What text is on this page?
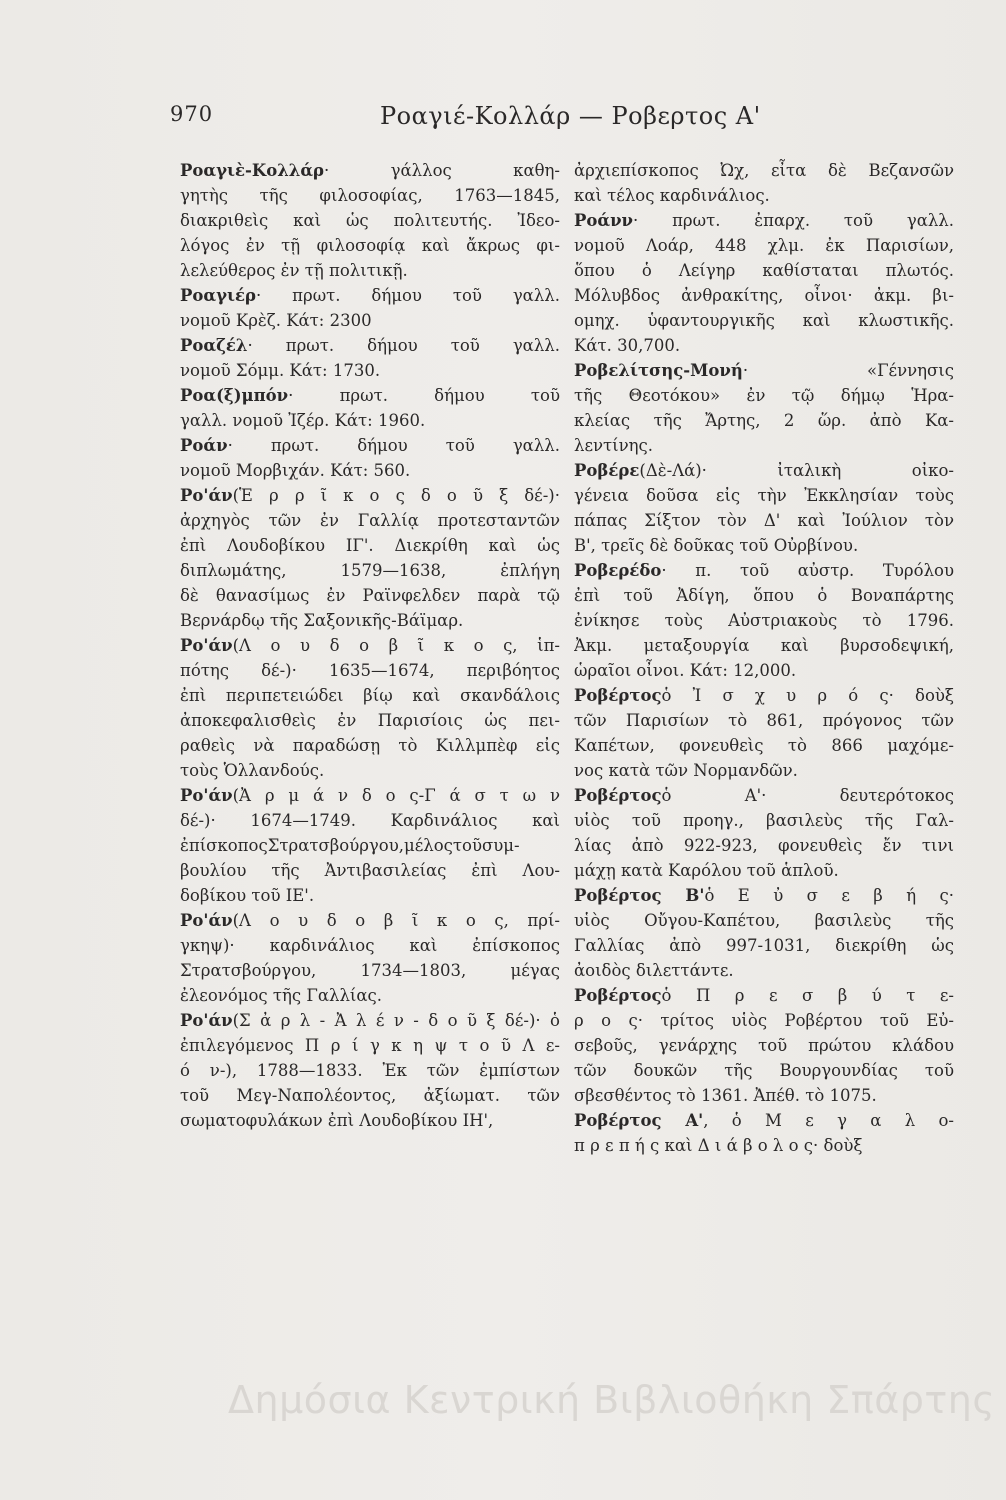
970	Ροαγιέ-Κολλάρ — Ροβερτος Α'
Ροαγιὲ-Κολλάρ· γάλλος καθη-
γητὴς τῆς φιλοσοφίας, 1763—1845,
διακριθεὶς καὶ ὡς πολιτευτής. Ἰδεο-
λόγος ἐν τῇ φιλοσοφίᾳ καὶ ἄκρως φι-
λελεύθερος ἐν τῇ πολιτικῇ.
Ροαγιέρ· πρωτ. δήμου τοῦ γαλλ.
νομοῦ Κρὲζ. Κάτ: 2300
Ροαζέλ· πρωτ. δήμου τοῦ γαλλ.
νομοῦ Σόμμ. Κάτ: 1730.
Ροα(ξ)μπόν· πρωτ. δήμου τοῦ
γαλλ. νομοῦ Ἰζέρ. Κάτ: 1960.
Ροάν· πρωτ. δήμου τοῦ γαλλ.
νομοῦ Μορβιχάν. Κάτ: 560.
Ρο'άν(Ἑ ρ ρ ῖ κ ο ς δ ο ῦ ξ δέ-)·
ἀρχηγὸς τῶν ἐν Γαλλίᾳ προτεσταντῶν
ἐπὶ Λουδοβίκου ΙΓ'. Διεκρίθη καὶ ὡς
διπλωμάτης, 1579—1638, ἐπλήγη
δὲ θανασίμως ἐν Ραϊνφελδεν παρὰ τῷ
Βερνάρδῳ τῆς Σαξονικῆς-Βάϊμαρ.
Ρο'άν(Λ ο υ δ ο β ῖ κ ο ς, ἱπ-
πότης δέ-)· 1635—1674, περιβόητος
ἐπὶ περιπετειώδει βίῳ καὶ σκανδάλοις
ἀποκεφαλισθεὶς ἐν Παρισίοις ὡς πει-
ραθεὶς νὰ παραδώσῃ τὸ Κιλλμπὲφ εἰς
τοὺς Ὁλλανδούς.
Ρο'άν(Ἀ ρ μ ά ν δ ο ς-Γ ά σ τ ω ν
δέ-)· 1674—1749. Καρδινάλιος καὶ
ἐπίσκοποςΣτρατσβούργου,μέλοςτοῦσυμ-
βουλίου τῆς Ἀντιβασιλείας ἐπὶ Λου-
δοβίκου τοῦ ΙΕ'.
Ρο'άν(Λ ο υ δ ο β ῖ κ ο ς, πρί-
γκηψ)· καρδινάλιος καὶ ἐπίσκοπος
Στρατσβούργου, 1734—1803, μέγας
ἐλεονόμος τῆς Γαλλίας.
Ρο'άν(Σ ἀ ρ λ - Ἀ λ έ ν - δ ο ῦ ξ δέ-)· ὁ
ἐπιλεγόμενος Π ρ ί γ κ η ψ τ ο ῦ Λ ε-
ό ν-), 1788—1833. Ἐκ τῶν ἐμπίστων
τοῦ Μεγ-Ναπολέοντος, ἀξίωματ. τῶν
σωματοφυλάκων ἐπὶ Λουδοβίκου ΙΗ',
ἀρχιεπίσκοπος Ὠχ, εἶτα δὲ Βεζανσῶν
καὶ τέλος καρδινάλιος.
Ροάνν· πρωτ. ἐπαρχ. τοῦ γαλλ.
νομοῦ Λοάρ, 448 χλμ. ἐκ Παρισίων,
ὅπου ὁ Λείγηρ καθίσταται πλωτός.
Μόλυβδος ἀνθρακίτης, οἶνοι· ἀκμ. βι-
ομηχ. ὑφαντουργικῆς καὶ κλωστικῆς.
Κάτ. 30,700.
Ροβελίτσης-Μονή· «Γέννησις
τῆς Θεοτόκου» ἐν τῷ δήμῳ Ἡρα-
κλείας τῆς Ἄρτης, 2 ὥρ. ἀπὸ Κα-
λεντίνης.
Ροβέρε(Δὲ-Λά)· ἰταλικὴ οἰκο-
γένεια δοῦσα εἰς τὴν Ἐκκλησίαν τοὺς
πάπας Σίξτον τὸν Δ' καὶ Ἰούλιον τὸν
Β', τρεῖς δὲ δοῦκας τοῦ Οὐρβίνου.
Ροβερέδο· π. τοῦ αὐστρ. Τυρόλου
ἐπὶ τοῦ Ἀδίγη, ὅπου ὁ Βοναπάρτης
ἐνίκησε τοὺς Αὐστριακοὺς τὸ 1796.
Ἀκμ. μεταξουργία καὶ βυρσοδεψική,
ὡραῖοι οἶνοι. Κάτ: 12,000.
Ροβέρτοςὁ Ἰ σ χ υ ρ ό ς· δοὺξ
τῶν Παρισίων τὸ 861, πρόγονος τῶν
Καπέτων, φονευθεὶς τὸ 866 μαχόμε-
νος κατὰ τῶν Νορμανδῶν.
Ροβέρτοςὁ Α'· δευτερότοκος
υἱὸς τοῦ προηγ., βασιλεὺς τῆς Γαλ-
λίας ἀπὸ 922-923, φονευθεὶς ἔν τινι
μάχῃ κατὰ Καρόλου τοῦ ἁπλοῦ.
Ροβέρτος Β'ὁ Ε ὐ σ ε β ή ς·
υἱὸς Οὔγου-Καπέτου, βασιλεὺς τῆς
Γαλλίας ἀπὸ 997-1031, διεκρίθη ὡς
ἀοιδὸς διλεττάντε.
Ροβέρτοςὁ Π ρ ε σ β ύ τ ε-
ρ ο ς· τρίτος υἱὸς Ροβέρτου τοῦ Εὐ-
σεβοῦς, γενάρχης τοῦ πρώτου κλάδου
τῶν δουκῶν τῆς Βουργουνδίας τοῦ
σβεσθέντος τὸ 1361. Ἀπέθ. τὸ 1075.
Ροβέρτος Α', ὁ Μ ε γ α λ ο-
π ρ ε π ή ς καὶ Δ ι ά β ο λ ο ς· δοὺξ
Δημόσια Κεντρική Βιβλιοθήκη Σπάρτης
